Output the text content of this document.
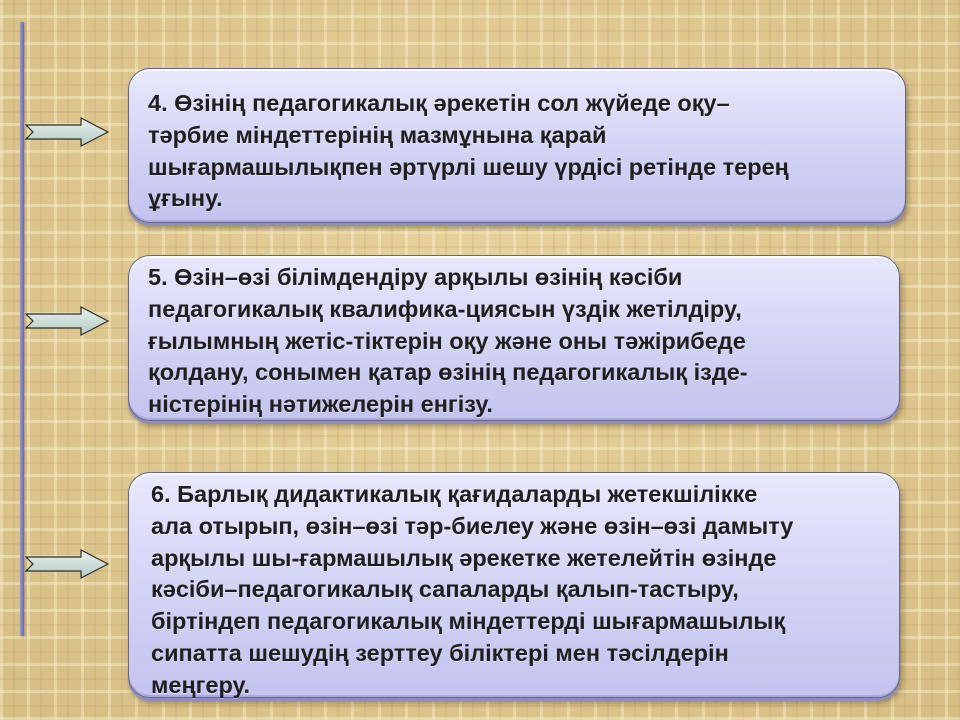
4. Өзінің педагогикалық әрекетін сол жүйеде оқу–
тәрбие міндеттерінің мазмұнына қарай
шығармашылықпен әртүрлі шешу үрдісі ретінде терең
ұғыну.
5. Өзін–өзі білімдендіру арқылы өзінің кәсіби
педагогикалық квалифика-циясын үздік жетілдіру,
ғылымның жетіс-тіктерін оқу және оны тәжірибеде
қолдану, сонымен қатар өзінің педагогикалық ізде-
ністерінің нәтижелерін енгізу.
6. Барлық дидактикалық қағидаларды жетекшілікке
ала отырып, өзін–өзі тәр-биелеу және өзін–өзі дамыту
арқылы шы-ғармашылық әрекетке жетелейтін өзінде
кәсіби–педагогикалық сапаларды қалып-тастыру,
біртіндеп педагогикалық міндеттерді шығармашылық
сипатта шешудің зерттеу біліктері мен тәсілдерін
меңгеру.
